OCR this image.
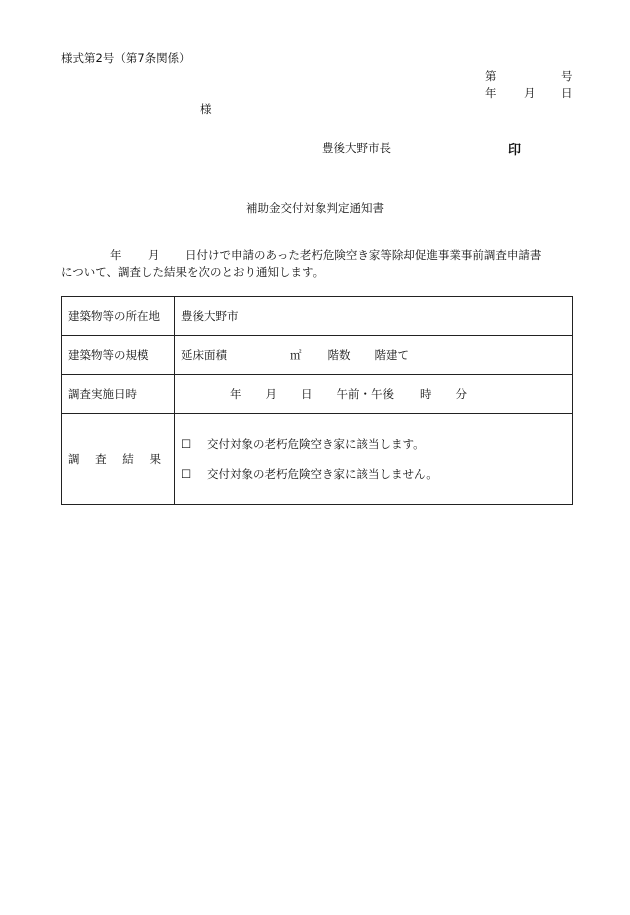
様式第2号（第7条関係）
第	号
年 月 日
様
豊後大野市長	印
補助金交付対象判定通知書
年 月 日付けで申請のあった老朽危険空き家等除却促進事業事前調査申請書
について、調査した結果を次のとおり通知します。
建築物等の所在地	豊後大野市
建築物等の規模	延床面積 ㎡ 階数 階建て
調査実施日時	年 月 日 午前・午後 時 分
調 査 結 果	☐ 交付対象の老朽危険空き家に該当します。
☐ 交付対象の老朽危険空き家に該当しません。
